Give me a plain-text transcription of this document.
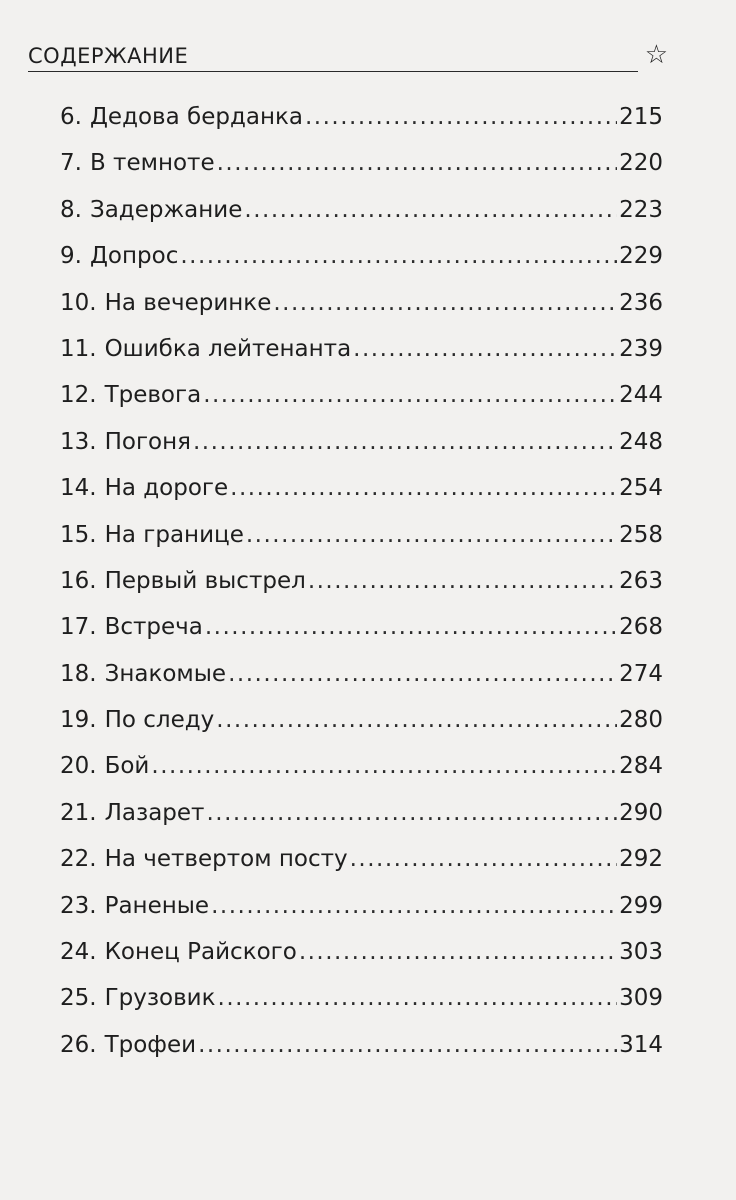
СОДЕРЖАНИЕ	☆
6. Дедова берданка .....	215
7. В темноте .....	220
8. Задержание .....	223
9. Допрос .....	229
10. На вечеринке .....	236
11. Ошибка лейтенанта .....	239
12. Тревога .....	244
13. Погоня .....	248
14. На дороге .....	254
15. На границе .....	258
16. Первый выстрел .....	263
17. Встреча .....	268
18. Знакомые .....	274
19. По следу .....	280
20. Бой .....	284
21. Лазарет .....	290
22. На четвертом посту .....	292
23. Раненые .....	299
24. Конец Райского .....	303
25. Грузовик .....	309
26. Трофеи .....	314
